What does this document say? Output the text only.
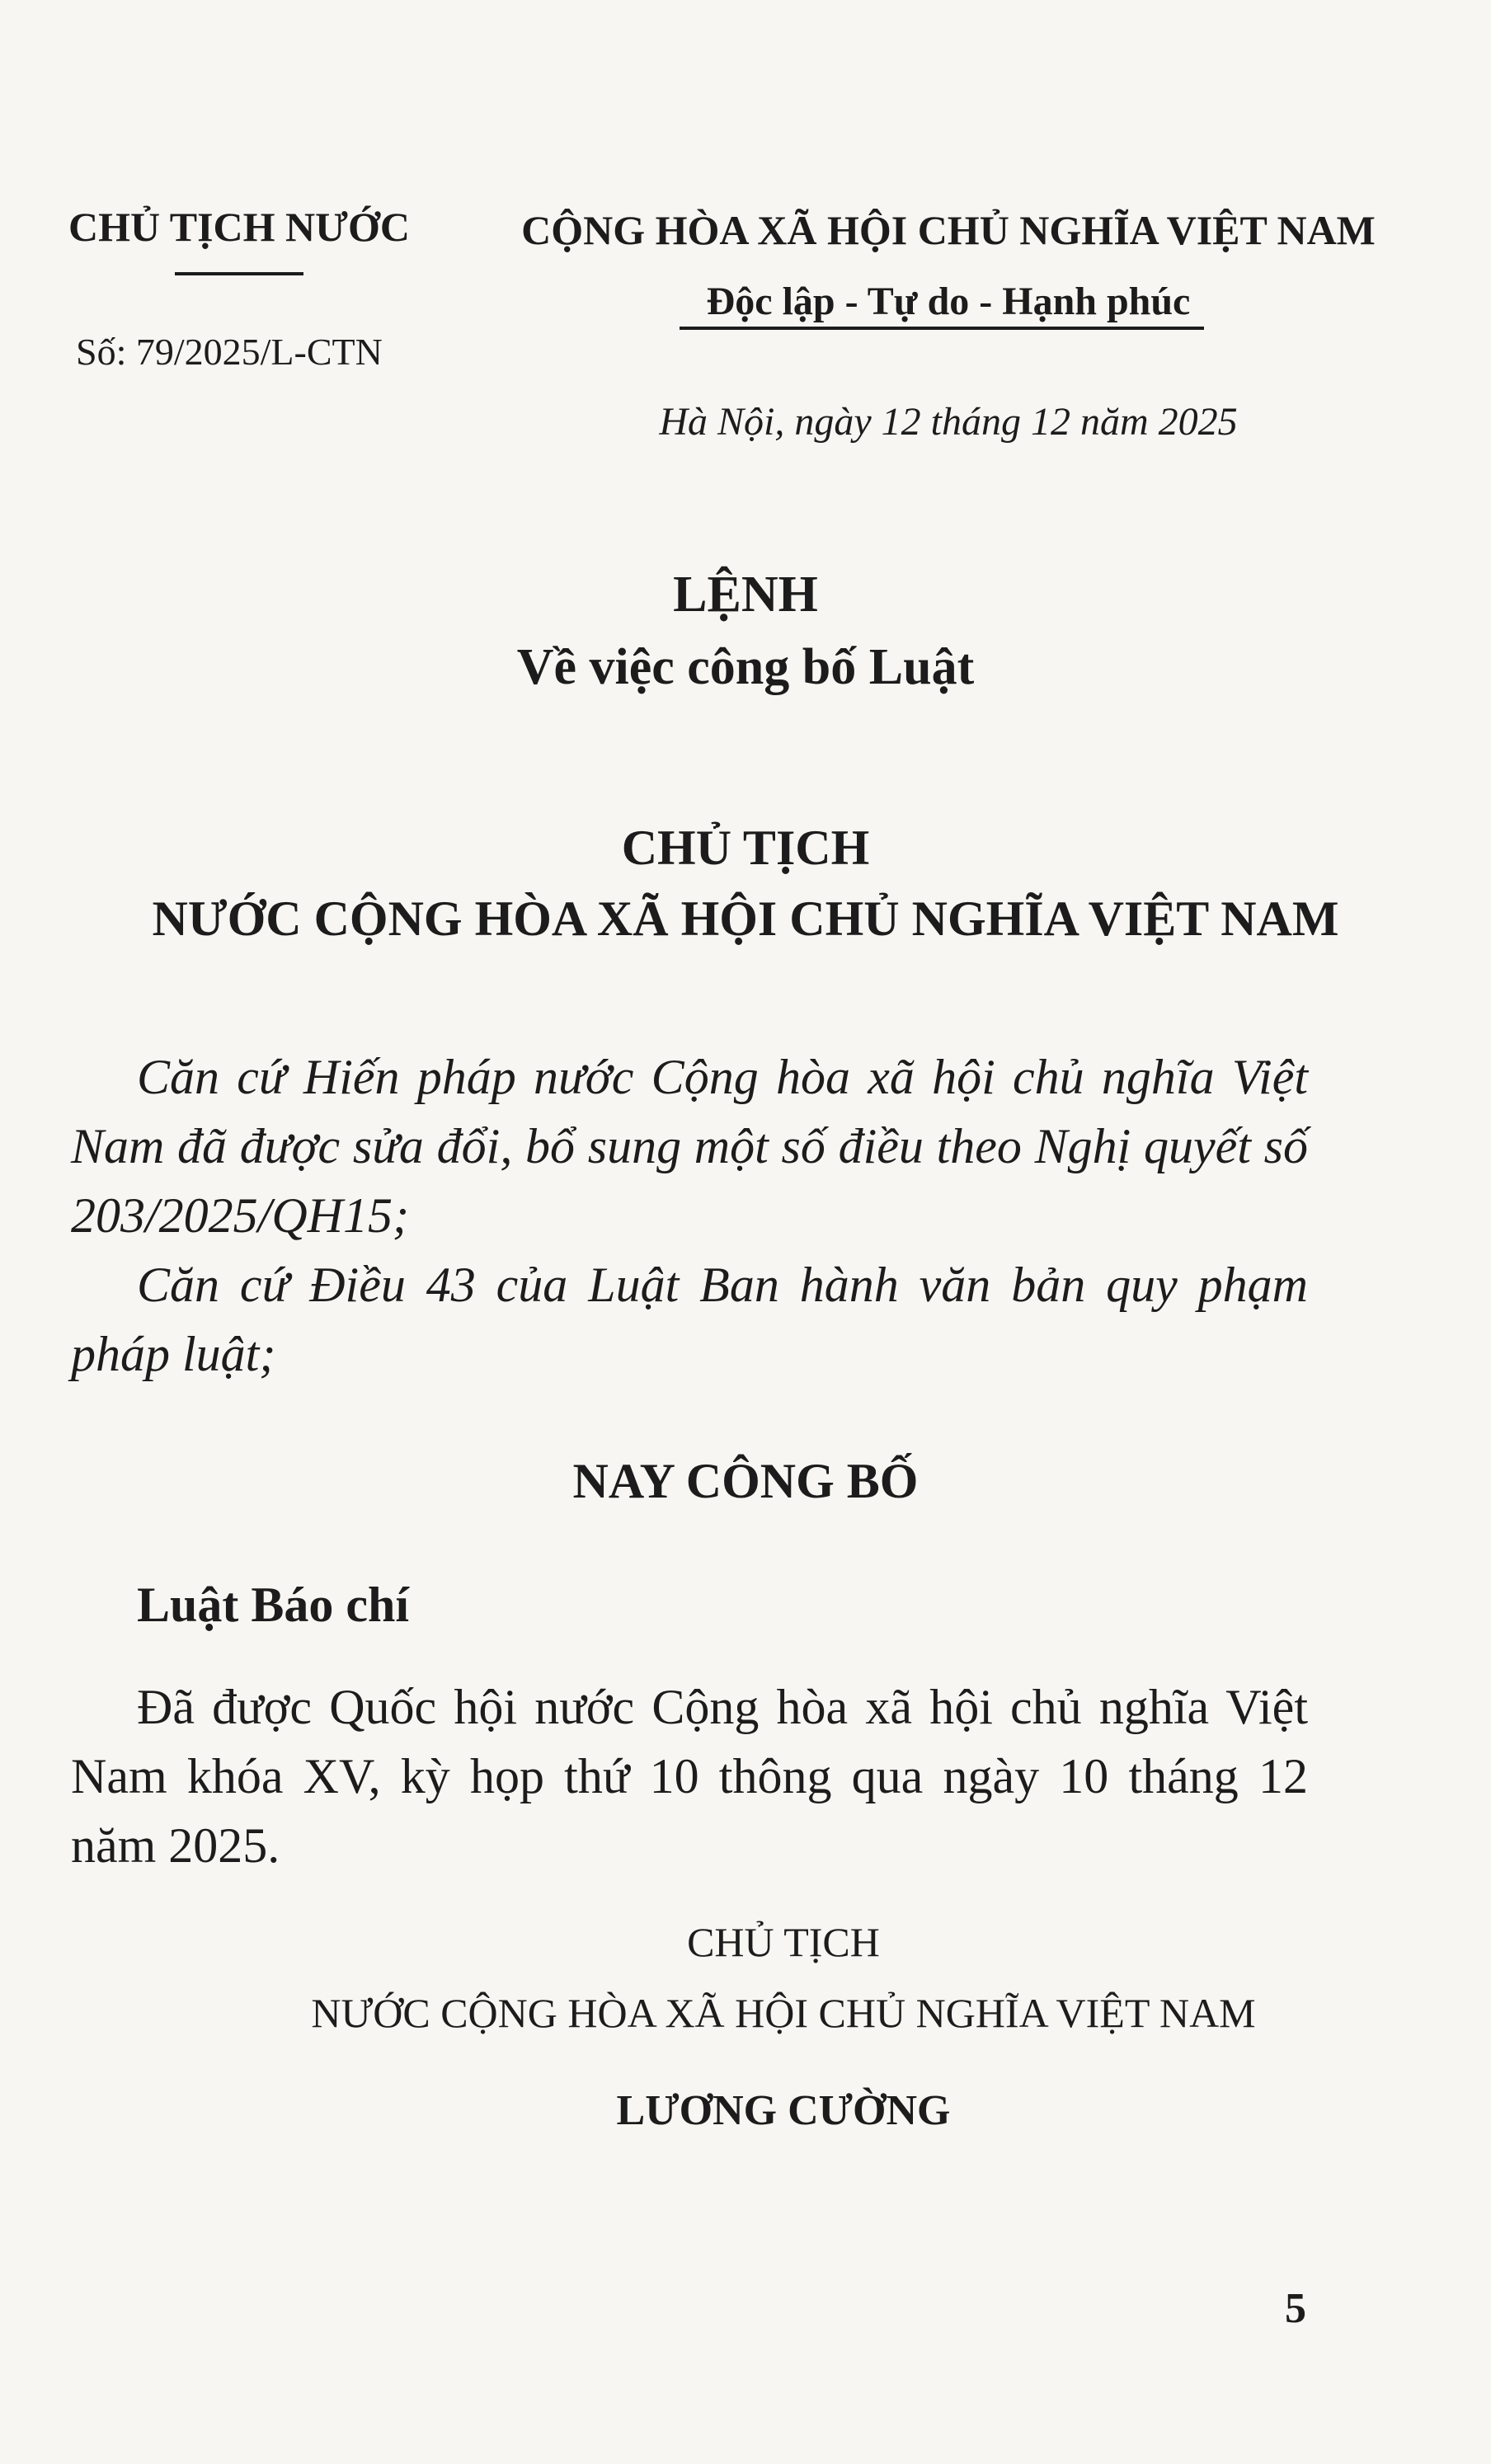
CHỦ TỊCH NƯỚC
Số: 79/2025/L-CTN
CỘNG HÒA XÃ HỘI CHỦ NGHĨA VIỆT NAM
Độc lập - Tự do - Hạnh phúc
Hà Nội, ngày 12 tháng 12 năm 2025
LỆNH
Về việc công bố Luật
CHỦ TỊCH
NƯỚC CỘNG HÒA XÃ HỘI CHỦ NGHĨA VIỆT NAM

Căn cứ Hiến pháp nước Cộng hòa xã hội chủ nghĩa Việt Nam đã được sửa đổi, bổ sung một số điều theo Nghị quyết số 203/2025/QH15;

Căn cứ Điều 43 của Luật Ban hành văn bản quy phạm pháp luật;

NAY CÔNG BỐ
Luật Báo chí

Đã được Quốc hội nước Cộng hòa xã hội chủ nghĩa Việt Nam khóa XV, kỳ họp thứ 10 thông qua ngày 10 tháng 12 năm 2025.

CHỦ TỊCH
NƯỚC CỘNG HÒA XÃ HỘI CHỦ NGHĨA VIỆT NAM
LƯƠNG CƯỜNG
5
